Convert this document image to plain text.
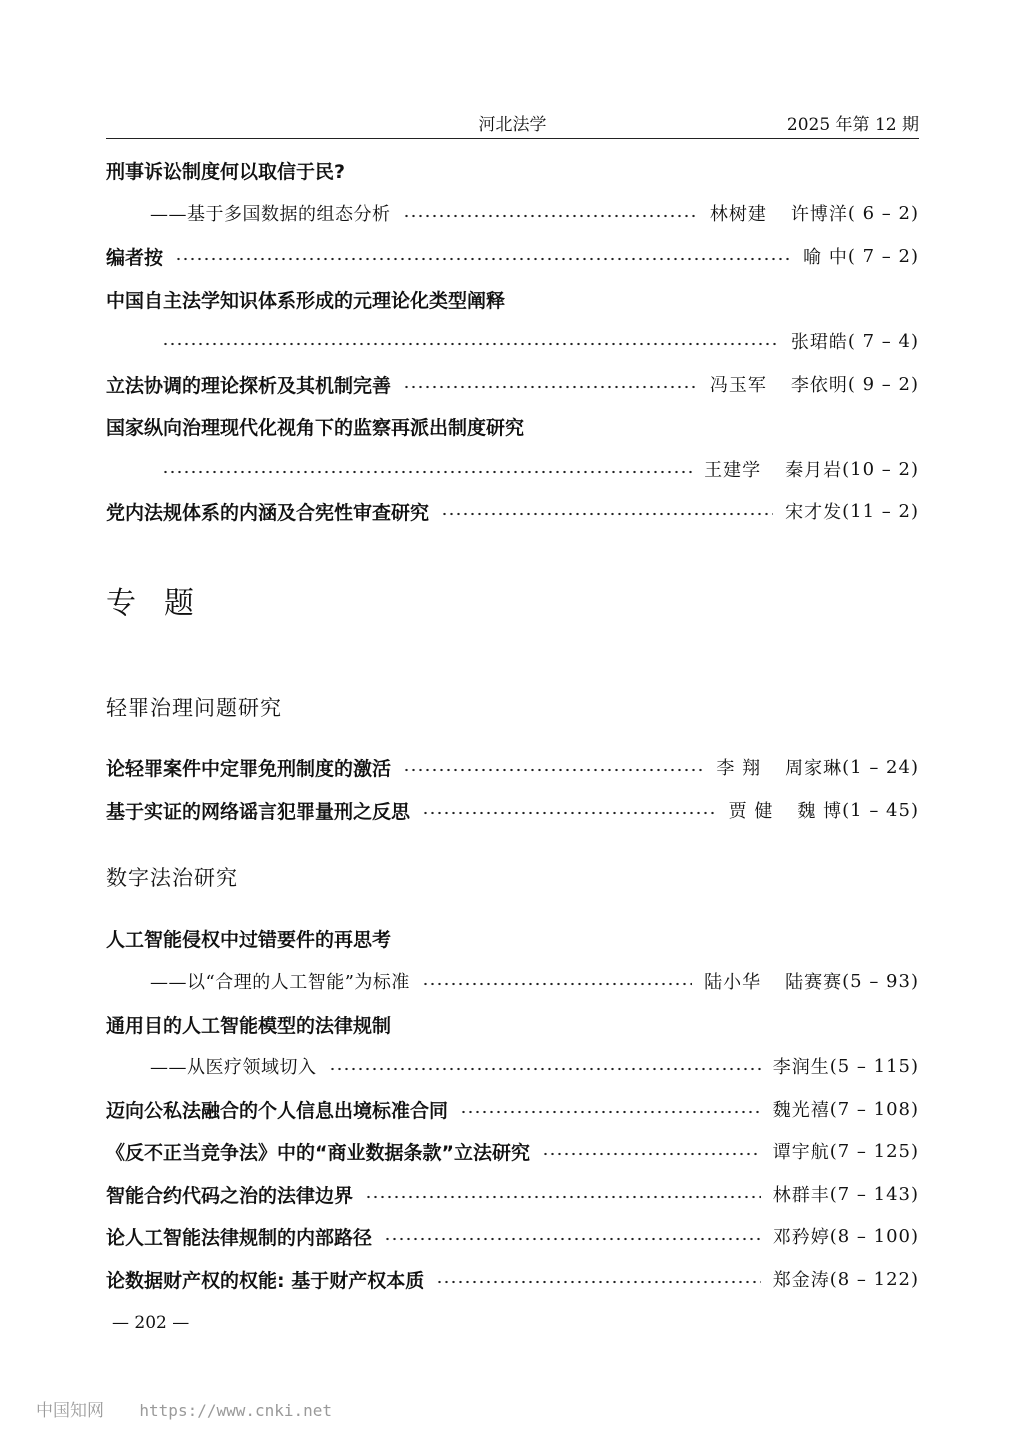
河北法学	2025 年第 12 期
刑事诉讼制度何以取信于民?
——基于多国数据的组态分析	林树建 许博洋 ( 6 – 2)
编者按	喻 中 ( 7 – 2)
中国自主法学知识体系形成的元理论化类型阐释
张珺皓 ( 7 – 4)
立法协调的理论探析及其机制完善	冯玉军 李依明 ( 9 – 2)
国家纵向治理现代化视角下的监察再派出制度研究
王建学 秦月岩 (10 – 2)
党内法规体系的内涵及合宪性审查研究	宋才发 (11 – 2)
专题
轻罪治理问题研究
论轻罪案件中定罪免刑制度的激活	李 翔 周家琳 (1 – 24)
基于实证的网络谣言犯罪量刑之反思	贾 健 魏 博 (1 – 45)
数字法治研究
人工智能侵权中过错要件的再思考
——以“合理的人工智能”为标准	陆小华 陆赛赛 (5 – 93)
通用目的人工智能模型的法律规制
——从医疗领域切入	李润生 (5 – 115)
迈向公私法融合的个人信息出境标准合同	魏光禧 (7 – 108)
《反不正当竞争法》中的“商业数据条款”立法研究	谭宇航 (7 – 125)
智能合约代码之治的法律边界	林群丰 (7 – 143)
论人工智能法律规制的内部路径	邓矜婷 (8 – 100)
论数据财产权的权能: 基于财产权本质	郑金涛 (8 – 122)
— 202 —
中国知网 https://www.cnki.net
